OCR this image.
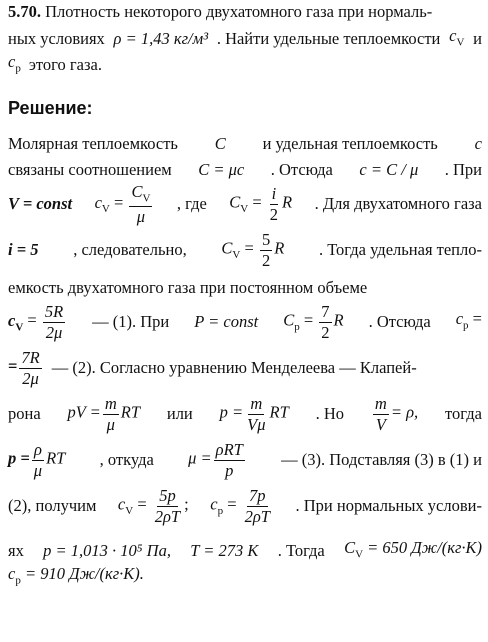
5.70. Плотность некоторого двухатомного газа при нормаль-
ных условиях ρ = 1,43 кг/м³ . Найти удельные теплоемкости $c_V$ и
$c_p$ этого газа.
Решение:
Молярная теплоемкость C и удельная теплоемкость c
связаны соотношением C = μc . Отсюда c = C / μ . При
V = const $c_V = \frac{C_V}{\mu}$ , где $C_V = \frac{i}{2}$ R . Для двухатомного газа
i = 5 , следовательно, $C_V = \frac{5}{2}$ R . Тогда удельная тепло-
емкость двухатомного газа при постоянном объеме
$c_V = \frac{5R}{2\mu}$ — (1). При P = const $C_p = \frac{7}{2}$ R . Отсюда $c_p$ =
= $\frac{7R}{2\mu}$ — (2). Согласно уравнению Менделеева — Клапей-
рона pV = $\frac{m}{\mu}$ RT или $p = \frac{m}{V\mu}$ RT . Но $\frac{m}{V} = \rho$, тогда
$p = \frac{\rho}{\mu}$ RT , откуда $\mu = \frac{\text{ρRT}}{p}$ — (3). Подставляя (3) в (1) и
(2), получим $c_V = \frac{5p}{2\rho T}$ ; $c_p = \frac{7p}{2\rho T}$ . При нормальных услови-
ях p = 1,013 · 10⁵ Па, T = 273 К . Тогда $C_V = 650$ Дж/(кг·К)
$c_p = 910$ Дж/(кг·К).
